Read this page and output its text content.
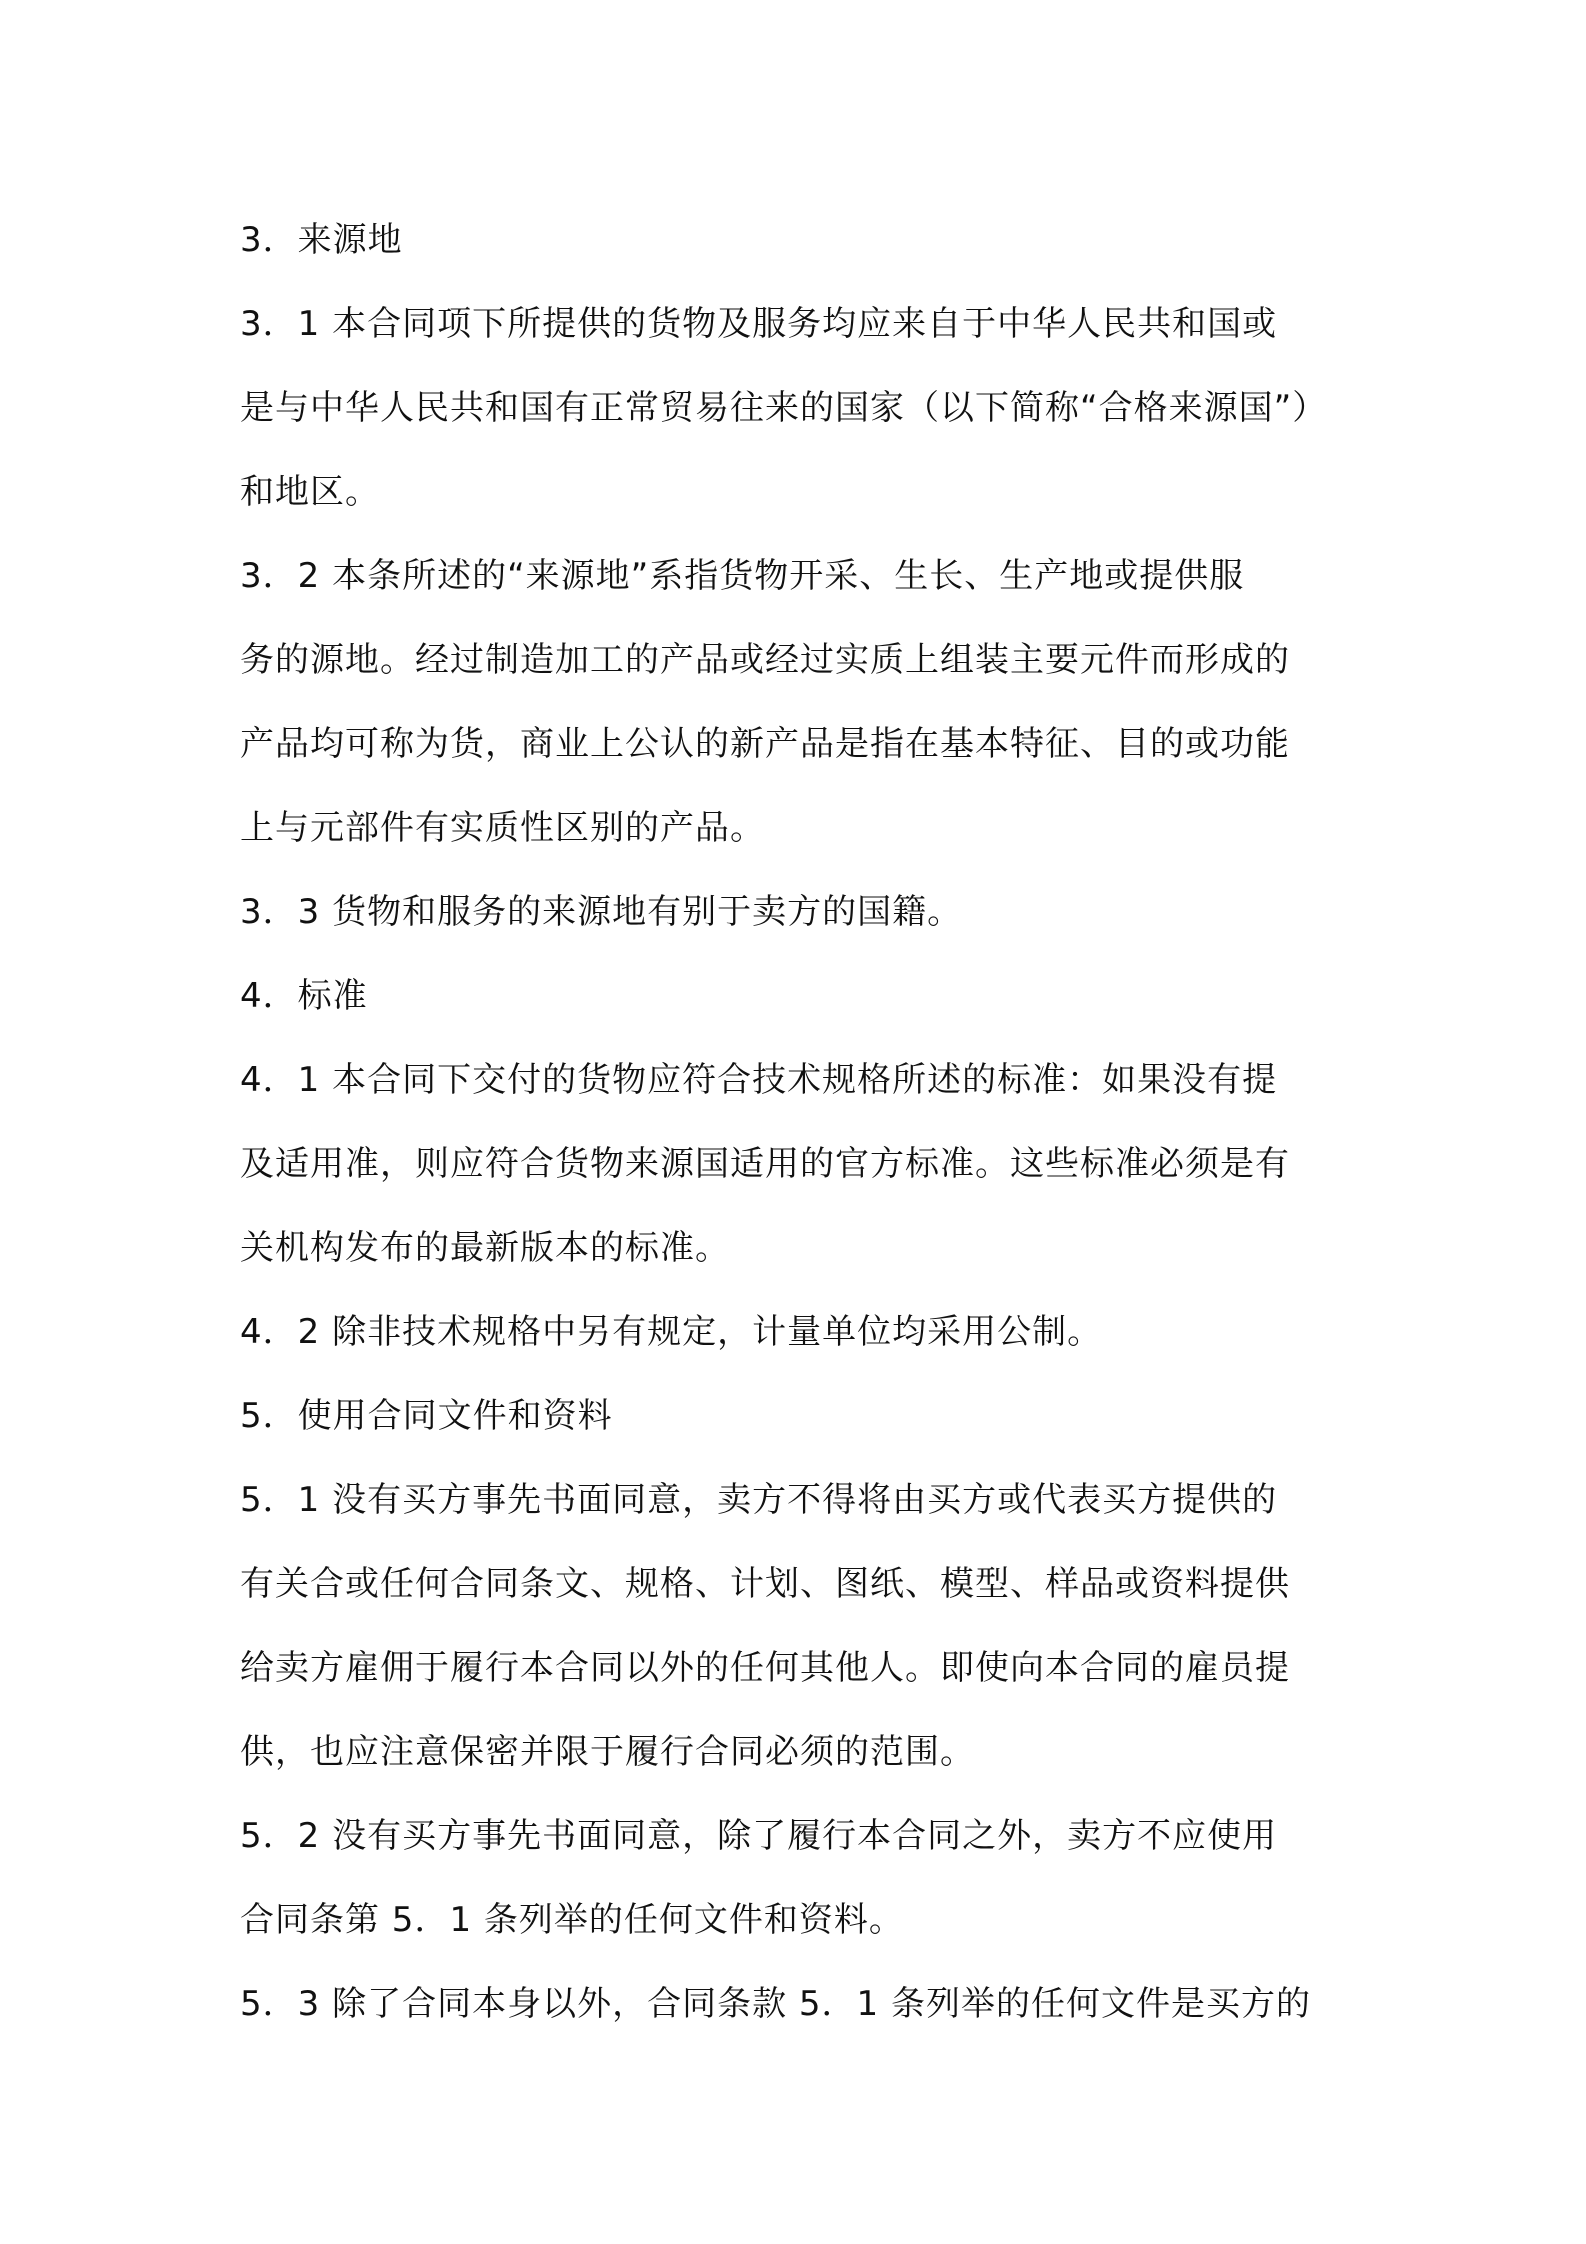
3．来源地
3．1 本合同项下所提供的货物及服务均应来自于中华人民共和国或
是与中华人民共和国有正常贸易往来的国家（以下简称“合格来源国”）
和地区。
3．2 本条所述的“来源地”系指货物开采、生长、生产地或提供服
务的源地。经过制造加工的产品或经过实质上组装主要元件而形成的
产品均可称为货，商业上公认的新产品是指在基本特征、目的或功能
上与元部件有实质性区别的产品。
3．3 货物和服务的来源地有别于卖方的国籍。
4．标准
4．1 本合同下交付的货物应符合技术规格所述的标准：如果没有提
及适用准，则应符合货物来源国适用的官方标准。这些标准必须是有
关机构发布的最新版本的标准。
4．2 除非技术规格中另有规定，计量单位均采用公制。
5．使用合同文件和资料
5．1 没有买方事先书面同意，卖方不得将由买方或代表买方提供的
有关合或任何合同条文、规格、计划、图纸、模型、样品或资料提供
给卖方雇佣于履行本合同以外的任何其他人。即使向本合同的雇员提
供，也应注意保密并限于履行合同必须的范围。
5．2 没有买方事先书面同意，除了履行本合同之外，卖方不应使用
合同条第 5．1 条列举的任何文件和资料。
5．3 除了合同本身以外，合同条款 5．1 条列举的任何文件是买方的
